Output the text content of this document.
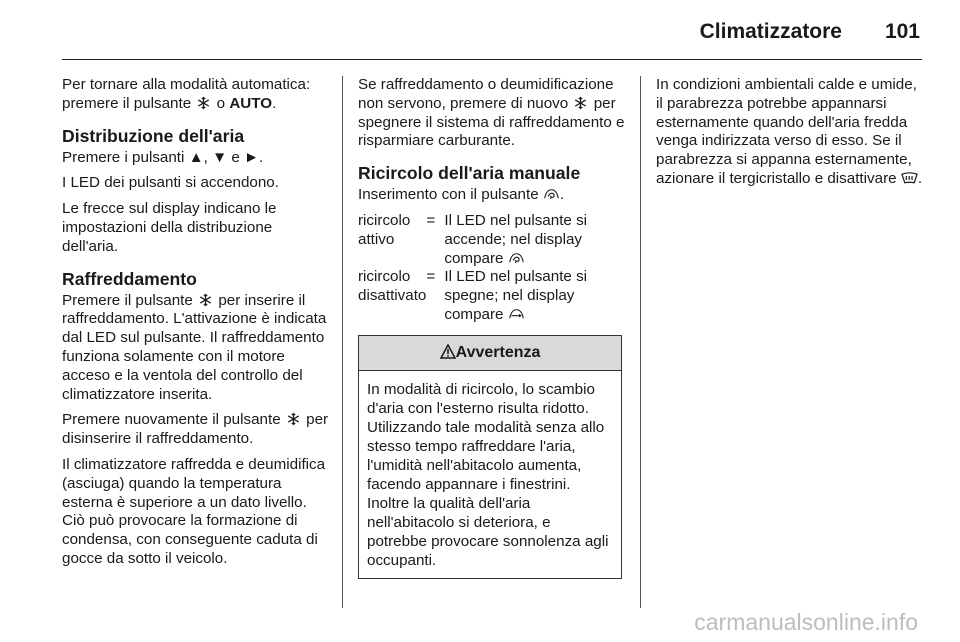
Climatizzatore 101

Per tornare alla modalità automatica: premere il pulsante o AUTO.

Distribuzione dell'aria

Premere i pulsanti ▲, ▼ e ►.

I LED dei pulsanti si accendono.

Le frecce sul display indicano le impostazioni della distribuzione dell'aria.

Raffreddamento

Premere il pulsante per inserire il raffreddamento. L'attivazione è indicata dal LED sul pulsante. Il raffreddamento funziona solamente con il motore acceso e la ventola del controllo del climatizzatore inserita.

Premere nuovamente il pulsante per disinserire il raffreddamento.

Il climatizzatore raffredda e deumidifica (asciuga) quando la temperatura esterna è superiore a un dato livello. Ciò può provocare la formazione di condensa, con conseguente caduta di gocce da sotto il veicolo.

Se raffreddamento o deumidificazione non servono, premere di nuovo per spegnere il sistema di raffreddamento e risparmiare carburante.

Ricircolo dell'aria manuale

Inserimento con il pulsante .

ricircolo attivo	=	Il LED nel pulsante si accende; nel display compare
ricircolo disattivato	=	Il LED nel pulsante si spegne; nel display compare
Avvertenza
In modalità di ricircolo, lo scambio d'aria con l'esterno risulta ridotto. Utilizzando tale modalità senza allo stesso tempo raffreddare l'aria, l'umidità nell'abitacolo aumenta, facendo appannare i finestrini. Inoltre la qualità dell'aria nell'abitacolo si deteriora, e potrebbe provocare sonnolenza agli occupanti.

In condizioni ambientali calde e umide, il parabrezza potrebbe appannarsi esternamente quando dell'aria fredda venga indirizzata verso di esso. Se il parabrezza si appanna esternamente, azionare il tergicristallo e disattivare .

carmanualsonline.info
